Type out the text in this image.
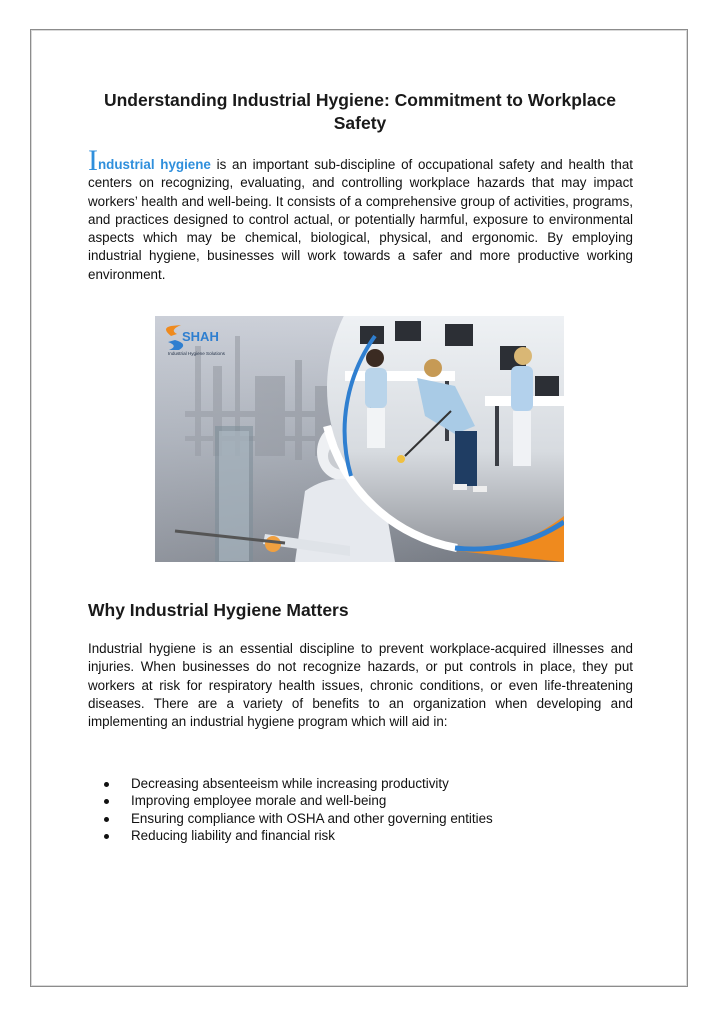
Understanding Industrial Hygiene: Commitment to Workplace Safety

Industrial hygiene is an important sub-discipline of occupational safety and health that centers on recognizing, evaluating, and controlling workplace hazards that may impact workers’ health and well-being. It consists of a comprehensive group of activities, programs, and practices designed to control actual, or potentially harmful, exposure to environmental aspects which may be chemical, biological, physical, and ergonomic. By employing industrial hygiene, businesses will work towards a safer and more productive working environment.

SHAH
Industrial Hygiene Solutions
Why Industrial Hygiene Matters

Industrial hygiene is an essential discipline to prevent workplace-acquired illnesses and injuries. When businesses do not recognize hazards, or put controls in place, they put workers at risk for respiratory health issues, chronic conditions, or even life-threatening diseases. There are a variety of benefits to an organization when developing and implementing an industrial hygiene program which will aid in:

Decreasing absenteeism while increasing productivity
Improving employee morale and well-being
Ensuring compliance with OSHA and other governing entities
Reducing liability and financial risk
